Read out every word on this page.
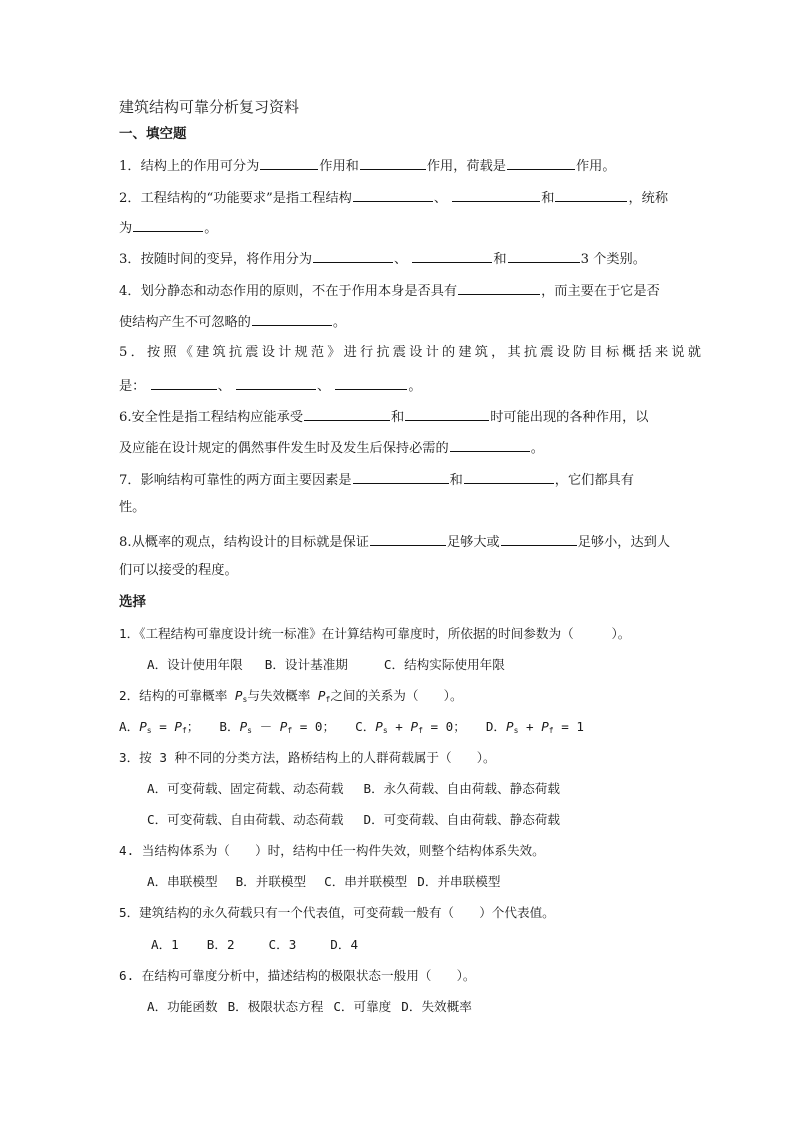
建筑结构可靠分析复习资料
一、填空题
1．结构上的作用可分为	作用和	作用，荷载是	作用。
2．工程结构的“功能要求”是指工程结构	、	和	，统称
为	。
3．按随时间的变异，将作用分为	、	和	3 个类别。
4．划分静态和动态作用的原则，不在于作用本身是否具有	，而主要在于它是否
使结构产生不可忽略的	。
5．按照《建筑抗震设计规范》进行抗震设计的建筑，其抗震设防目标概括来说就
是：	、	、	。
6.安全性是指工程结构应能承受	和	时可能出现的各种作用，以
及应能在设计规定的偶然事件发生时及发生后保持必需的	。
7．影响结构可靠性的两方面主要因素是	和	，它们都具有
性。
8.从概率的观点，结构设计的目标就是保证	足够大或	足够小，达到人
们可以接受的程度。
选择
1．《工程结构可靠度设计统一标准》在计算结构可靠度时，所依据的时间参数为（　　　）。
A．设计使用年限 B．设计基准期	C．结构实际使用年限
2．结构的可靠概率 $P_s$与失效概率 $P_f$之间的关系为（　　）。
A．$P_s = P_f$； B．$P_s - P_f = 0$； C．$P_s + P_f = 0$； D．$P_s + P_f = 1$
3．按 3 种不同的分类方法，路桥结构上的人群荷载属于（　　）。
A．可变荷载、固定荷载、动态荷载 B．永久荷载、自由荷载、静态荷载
C．可变荷载、自由荷载、动态荷载 D．可变荷载、自由荷载、静态荷载
4. 当结构体系为（　　）时，结构中任一构件失效，则整个结构体系失效。
A．串联模型 B．并联模型 C．串并联模型 D．并串联模型
5．建筑结构的永久荷载只有一个代表值，可变荷载一般有（　　）个代表值。
A．1 B．2	C．3	D．4
6. 在结构可靠度分析中，描述结构的极限状态一般用（　　）。
A．功能函数 B．极限状态方程 C．可靠度 D．失效概率
